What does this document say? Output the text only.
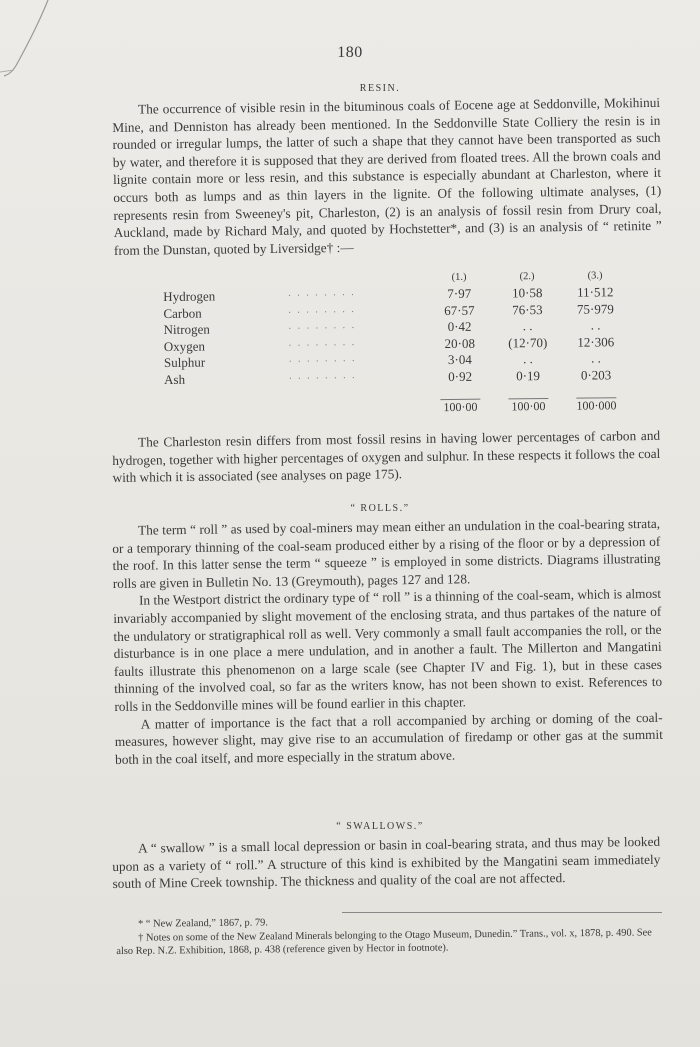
180
RESIN.

The occurrence of visible resin in the bituminous coals of Eocene age at Seddonville, Mokihinui Mine, and Denniston has already been mentioned. In the Seddonville State Colliery the resin is in rounded or irregular lumps, the latter of such a shape that they cannot have been transported as such by water, and therefore it is supposed that they are derived from floated trees. All the brown coals and lignite contain more or less resin, and this substance is especially abundant at Charleston, where it occurs both as lumps and as thin layers in the lignite. Of the following ultimate analyses, (1) represents resin from Sweeney's pit, Charleston, (2) is an analysis of fossil resin from Drury coal, Auckland, made by Richard Maly, and quoted by Hochstetter*, and (3) is an analysis of “ retinite ” from the Dunstan, quoted by Liversidge† :—

		(1.)	(2.)	(3.)
Hydrogen	. . . . . . . .	7·97	10·58	11·512
Carbon	. . . . . . . .	67·57	76·53	75·979
Nitrogen	. . . . . . . .	0·42	. .	. .
Oxygen	. . . . . . . .	20·08	(12·70)	12·306
Sulphur	. . . . . . . .	3·04	. .	. .
Ash	. . . . . . . .	0·92	0·19	0·203

100·00	100·00	100·000

The Charleston resin differs from most fossil resins in having lower percentages of carbon and hydrogen, together with higher percentages of oxygen and sulphur. In these respects it follows the coal with which it is associated (see analyses on page 175).

“ ROLLS.”

The term “ roll ” as used by coal-miners may mean either an undulation in the coal-bearing strata, or a temporary thinning of the coal-seam produced either by a rising of the floor or by a depression of the roof. In this latter sense the term “ squeeze ” is employed in some districts. Diagrams illustrating rolls are given in Bulletin No. 13 (Greymouth), pages 127 and 128.

In the Westport district the ordinary type of “ roll ” is a thinning of the coal-seam, which is almost invariably accompanied by slight movement of the enclosing strata, and thus partakes of the nature of the undulatory or stratigraphical roll as well. Very commonly a small fault accompanies the roll, or the disturbance is in one place a mere undulation, and in another a fault. The Millerton and Mangatini faults illustrate this phenomenon on a large scale (see Chapter IV and Fig. 1), but in these cases thinning of the involved coal, so far as the writers know, has not been shown to exist. References to rolls in the Seddonville mines will be found earlier in this chapter.

A matter of importance is the fact that a roll accompanied by arching or doming of the coal-measures, however slight, may give rise to an accumulation of firedamp or other gas at the summit both in the coal itself, and more especially in the stratum above.

“ SWALLOWS.”

A “ swallow ” is a small local depression or basin in coal-bearing strata, and thus may be looked upon as a variety of “ roll.” A structure of this kind is exhibited by the Mangatini seam immediately south of Mine Creek township. The thickness and quality of the coal are not affected.

* “ New Zealand,” 1867, p. 79.

† Notes on some of the New Zealand Minerals belonging to the Otago Museum, Dunedin.” Trans., vol. x, 1878, p. 490. See also Rep. N.Z. Exhibition, 1868, p. 438 (reference given by Hector in footnote).
